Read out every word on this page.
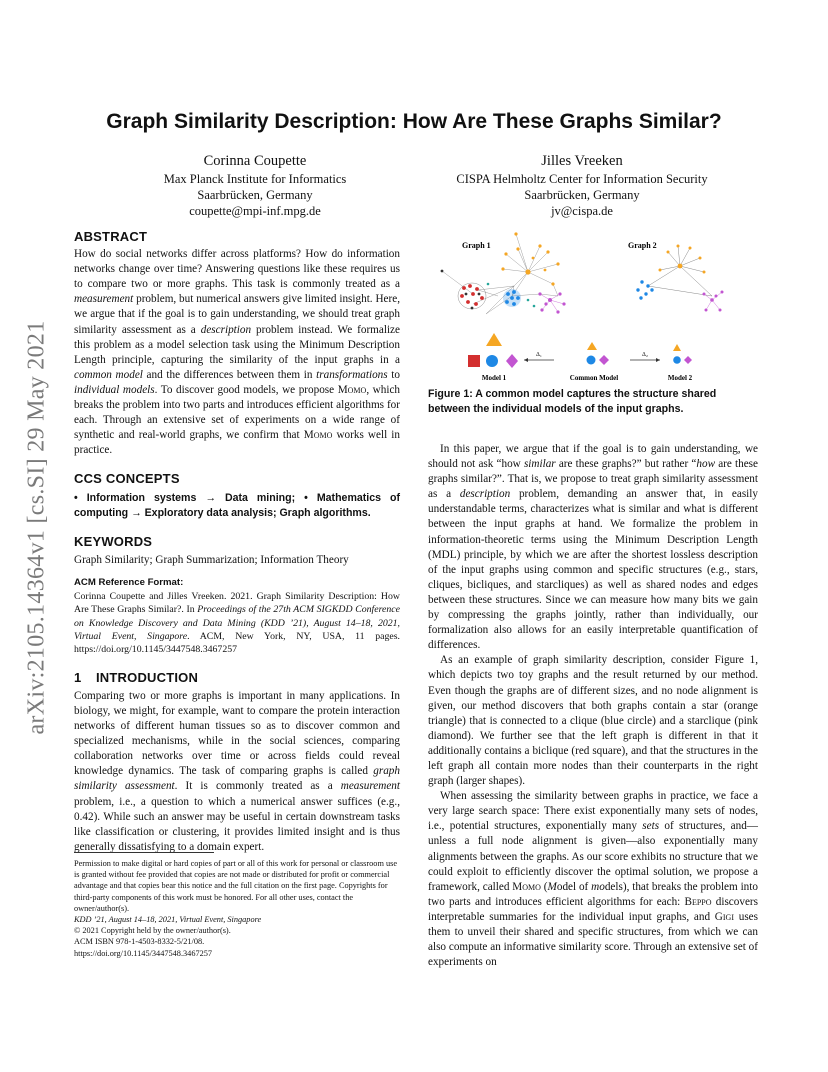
arXiv:2105.14364v1 [cs.SI] 29 May 2021
Graph Similarity Description: How Are These Graphs Similar?
Corinna Coupette
Max Planck Institute for Informatics
Saarbrücken, Germany
coupette@mpi-inf.mpg.de
Jilles Vreeken
CISPA Helmholtz Center for Information Security
Saarbrücken, Germany
jv@cispa.de
ABSTRACT

How do social networks differ across platforms? How do information networks change over time? Answering questions like these requires us to compare two or more graphs. This task is commonly treated as a measurement problem, but numerical answers give limited insight. Here, we argue that if the goal is to gain understanding, we should treat graph similarity assessment as a description problem instead. We formalize this problem as a model selection task using the Minimum Description Length principle, capturing the similarity of the input graphs in a common model and the differences between them in transformations to individual models. To discover good models, we propose Momo, which breaks the problem into two parts and introduces efficient algorithms for each. Through an extensive set of experiments on a wide range of synthetic and real-world graphs, we confirm that Momo works well in practice.

CCS CONCEPTS

• Information systems → Data mining; • Mathematics of computing → Exploratory data analysis; Graph algorithms.

KEYWORDS

Graph Similarity; Graph Summarization; Information Theory

ACM Reference Format:

Corinna Coupette and Jilles Vreeken. 2021. Graph Similarity Description: How Are These Graphs Similar?. In Proceedings of the 27th ACM SIGKDD Conference on Knowledge Discovery and Data Mining (KDD ’21), August 14–18, 2021, Virtual Event, Singapore. ACM, New York, NY, USA, 11 pages. https://doi.org/10.1145/3447548.3467257

1 INTRODUCTION

Comparing two or more graphs is important in many applications. In biology, we might, for example, want to compare the protein interaction networks of different human tissues so as to discover common and specialized mechanisms, while in the social sciences, comparing collaboration networks over time or across fields could reveal knowledge dynamics. The task of comparing graphs is called graph similarity assessment. It is commonly treated as a measurement problem, i.e., a question to which a numerical answer suffices (e.g., 0.42). While such an answer may be useful in certain downstream tasks like classification or clustering, it provides limited insight and is thus generally dissatisfying to a domain expert.

Permission to make digital or hard copies of part or all of this work for personal or classroom use is granted without fee provided that copies are not made or distributed for profit or commercial advantage and that copies bear this notice and the full citation on the first page. Copyrights for third-party components of this work must be honored. For all other uses, contact the owner/author(s).

KDD ’21, August 14–18, 2021, Virtual Event, Singapore

© 2021 Copyright held by the owner/author(s).

ACM ISBN 978-1-4503-8332-5/21/08.

https://doi.org/10.1145/3447548.3467257

Graph 1	Graph 2
Model 1
Δ₁
Common Model
Δ₂
Model 2
Figure 1: A common model captures the structure shared between the individual models of the input graphs.

In this paper, we argue that if the goal is to gain understanding, we should not ask “how similar are these graphs?” but rather “how are these graphs similar?”. That is, we propose to treat graph similarity assessment as a description problem, demanding an answer that, in easily understandable terms, characterizes what is similar and what is different between the input graphs at hand. We formalize the problem in information-theoretic terms using the Minimum Description Length (MDL) principle, by which we are after the shortest lossless description of the input graphs using common and specific structures (e.g., stars, cliques, bicliques, and starcliques) as well as shared nodes and edges between these structures. Since we can measure how many bits we gain by compressing the graphs jointly, rather than individually, our formalization also allows for an easily interpretable quantification of differences.

As an example of graph similarity description, consider Figure 1, which depicts two toy graphs and the result returned by our method. Even though the graphs are of different sizes, and no node alignment is given, our method discovers that both graphs contain a star (orange triangle) that is connected to a clique (blue circle) and a starclique (pink diamond). We further see that the left graph is different in that it additionally contains a biclique (red square), and that the structures in the left graph all contain more nodes than their counterparts in the right graph (larger shapes).

When assessing the similarity between graphs in practice, we face a very large search space: There exist exponentially many sets of nodes, i.e., potential structures, exponentially many sets of structures, and—unless a full node alignment is given—also exponentially many alignments between the graphs. As our score exhibits no structure that we could exploit to efficiently discover the optimal solution, we propose a framework, called Momo (Model of models), that breaks the problem into two parts and introduces efficient algorithms for each: Beppo discovers interpretable summaries for the individual input graphs, and Gigi uses them to unveil their shared and specific structures, from which we can also compute an informative similarity score. Through an extensive set of experiments on
